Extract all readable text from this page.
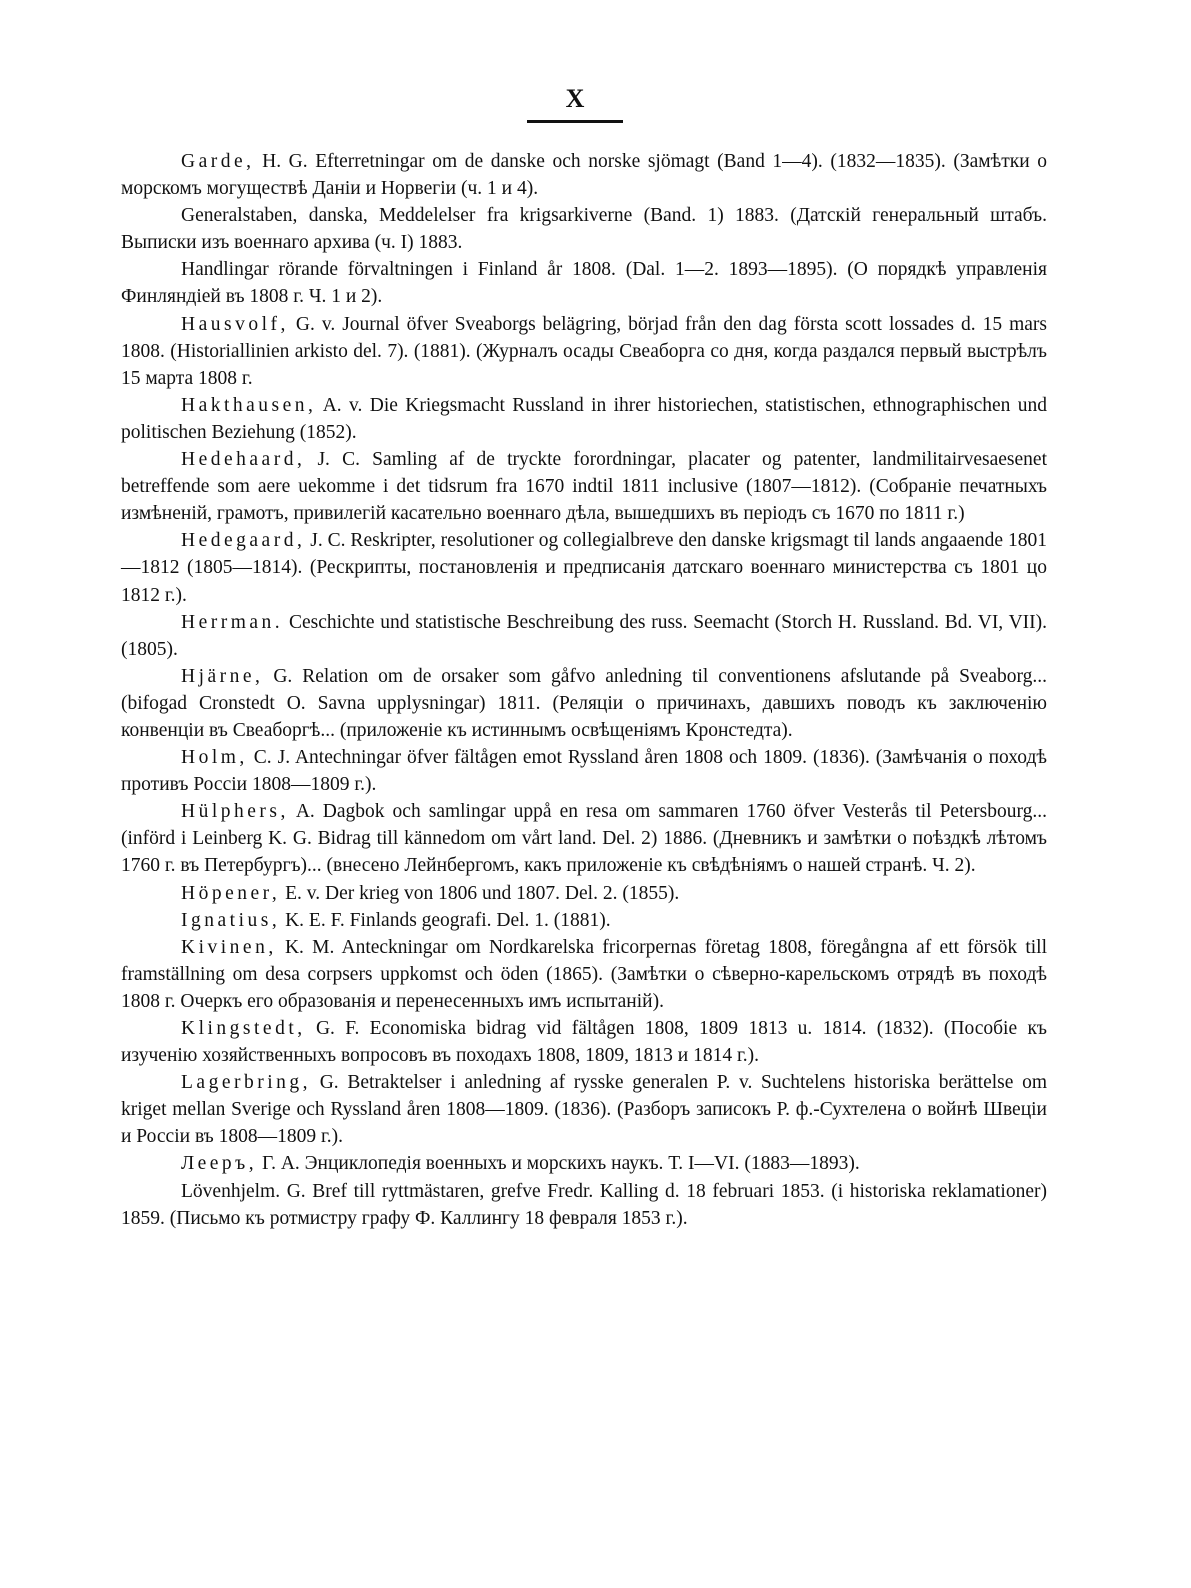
X

Garde, H. G. Efterretningar om de danske och norske sjömagt (Band 1—4). (1832—1835). (Замѣтки о морскомъ могуществѣ Даніи и Норвегіи (ч. 1 и 4).

Generalstaben, danska, Meddelelser fra krigsarkiverne (Band. 1) 1883. (Датскій генеральный штабъ. Выписки изъ военнаго архива (ч. I) 1883.

Handlingar rörande förvaltningen i Finland år 1808. (Dal. 1—2. 1893—1895). (О порядкѣ управленія Финляндіей въ 1808 г. Ч. 1 и 2).

Hausvolf, G. v. Journal öfver Sveaborgs belägring, börjad från den dag första scott lossades d. 15 mars 1808. (Historiallinien arkisto del. 7). (1881). (Журналъ осады Свеаборга со дня, когда раздался первый выстрѣлъ 15 марта 1808 г.

Hakthausen, A. v. Die Kriegsmacht Russland in ihrer historiechen, statistischen, ethnographischen und politischen Beziehung (1852).

Hedehaard, J. C. Samling af de tryckte forordningar, placater og patenter, landmilitairvesaesenet betreffende som aere uekomme i det tidsrum fra 1670 indtil 1811 inclusive (1807—1812). (Собраніе печатныхъ измѣненій, грамотъ, привилегій касательно военнаго дѣла, вышедшихъ въ періодъ съ 1670 по 1811 г.)

Hedegaard, J. C. Reskripter, resolutioner og collegialbreve den danske krigsmagt til lands angaaende 1801—1812 (1805—1814). (Рескрипты, постановленія и предписанія датскаго военнаго министерства съ 1801 цо 1812 г.).

Herrman. Ceschichte und statistische Beschreibung des russ. Seemacht (Storch H. Russland. Bd. VI, VII). (1805).

Hjärne, G. Relation om de orsaker som gåfvo anledning til conventionens afslutande på Sveaborg... (bifogad Cronstedt O. Savna upplysningar) 1811. (Реляціи о причинахъ, давшихъ поводъ къ заключенію конвенціи въ Свеаборгѣ... (приложеніе къ истиннымъ освѣщеніямъ Кронстедта).

Holm, C. J. Antechningar öfver fältågen emot Ryssland åren 1808 och 1809. (1836). (Замѣчанія о походѣ противъ Россіи 1808—1809 г.).

Hülphers, A. Dagbok och samlingar uppå en resa om sammaren 1760 öfver Vesterås til Petersbourg...(införd i Leinberg K. G. Bidrag till kännedom om vårt land. Del. 2) 1886. (Дневникъ и замѣтки о поѣздкѣ лѣтомъ 1760 г. въ Петербургъ)... (внесено Лейнбергомъ, какъ приложеніе къ свѣдѣніямъ о нашей странѣ. Ч. 2).

Höpener, E. v. Der krieg von 1806 und 1807. Del. 2. (1855).

Ignatius, K. E. F. Finlands geografi. Del. 1. (1881).

Kivinen, K. M. Anteckningar om Nordkarelska fricorpernas företag 1808, föregångna af ett försök till framställning om desa corpsers uppkomst och öden (1865). (Замѣтки о сѣверно-карельскомъ отрядѣ въ походѣ 1808 г. Очеркъ его образованія и перенесенныхъ имъ испытаній).

Klingstedt, G. F. Economiska bidrag vid fältågen 1808, 1809 1813 u. 1814. (1832). (Пособіе къ изученію хозяйственныхъ вопросовъ въ походахъ 1808, 1809, 1813 и 1814 г.).

Lagerbring, G. Betraktelser i anledning af rysske generalen P. v. Suchtelens historiska berättelse om kriget mellan Sverige och Ryssland åren 1808—1809. (1836). (Разборъ записокъ Р. ф.-Сухтелена о войнѣ Швеціи и Россіи въ 1808—1809 г.).

Лееръ, Г. А. Энциклопедія военныхъ и морскихъ наукъ. Т. I—VI. (1883—1893).

Lövenhjelm. G. Bref till ryttmästaren, grefve Fredr. Kalling d. 18 februari 1853. (i historiska reklamationer) 1859. (Письмо къ ротмистру графу Ф. Каллингу 18 февраля 1853 г.).
